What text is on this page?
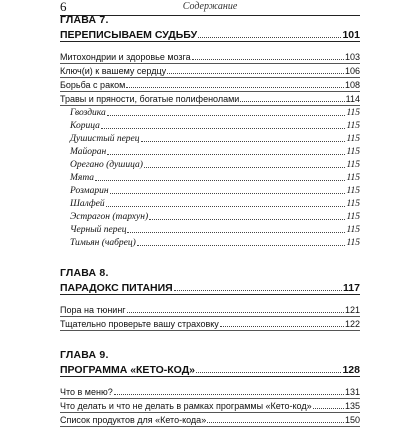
6	Содержание
ГЛАВА 7.
ПЕРЕПИСЫВАЕМ СУДЬБУ	101
Митохондрии и здоровье мозга	103
Ключ(и) к вашему сердцу	106
Борьба с раком	108
Травы и пряности, богатые полифенолами	114
Гвоздика	115
Корица	115
Душистый перец	115
Майоран	115
Орегано (душица)	115
Мята	115
Розмарин	115
Шалфей	115
Эстрагон (тархун)	115
Черный перец	115
Тимьян (чабрец)	115
ГЛАВА 8.
ПАРАДОКС ПИТАНИЯ	117
Пора на тюнинг	121
Тщательно проверьте вашу страховку	122
ГЛАВА 9.
ПРОГРАММА «КЕТО-КОД»	128
Что в меню?	131
Что делать и что не делать в рамках программы «Кето-код»	135
Список продуктов для «Кето-кода»	150
